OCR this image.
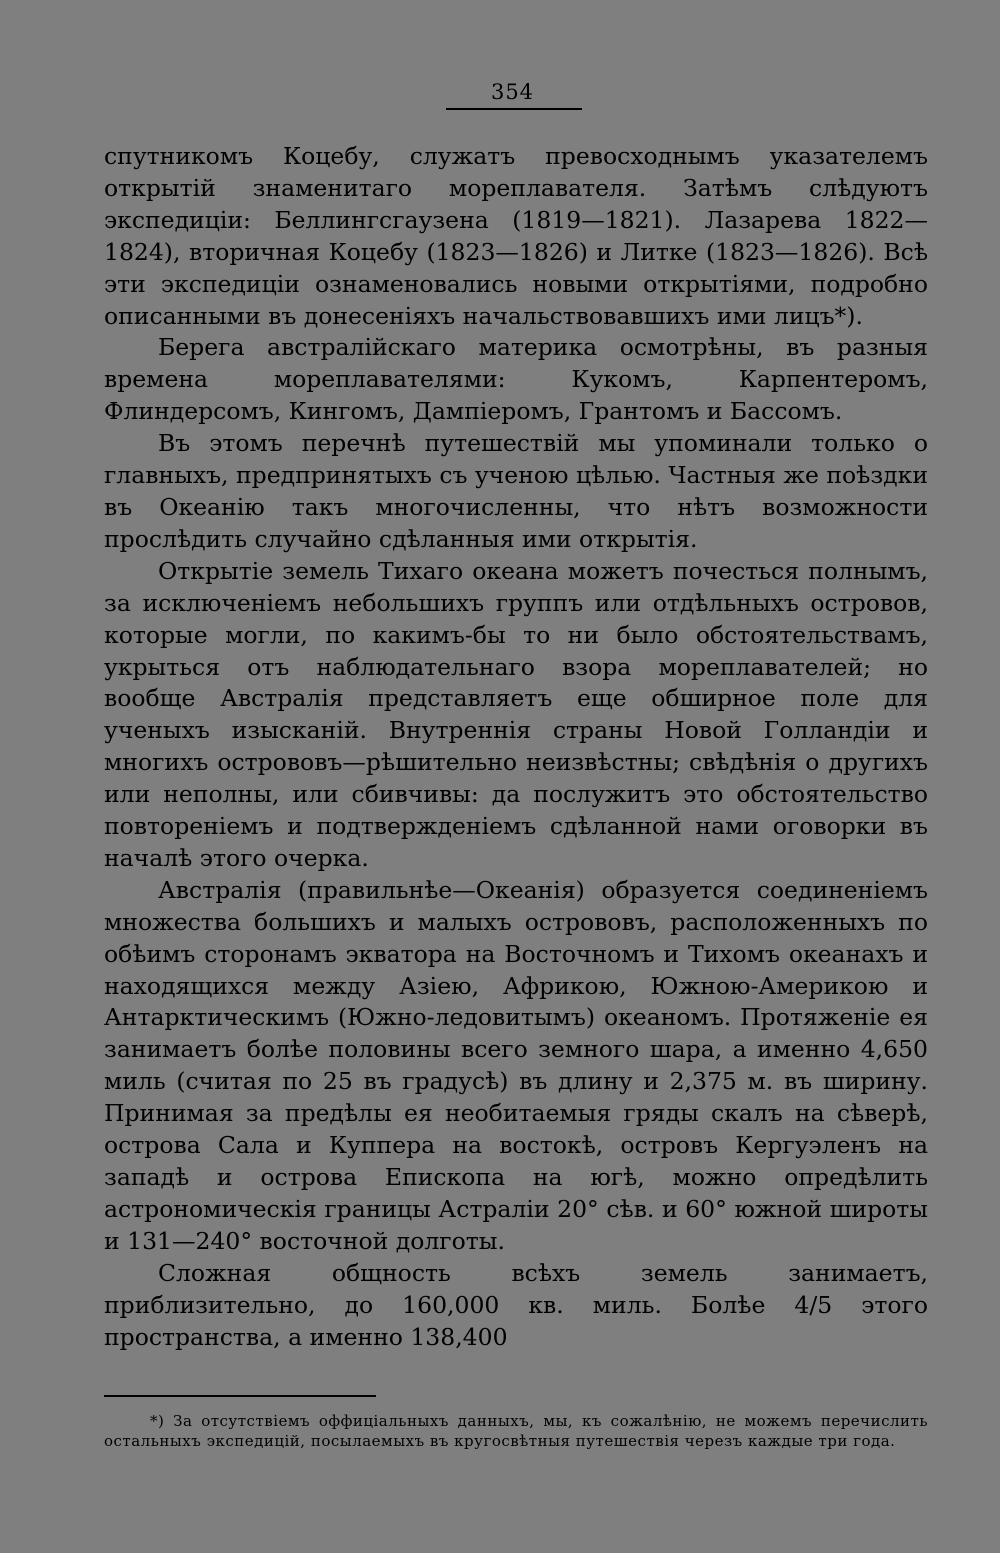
354

спутникомъ Коцебу, служатъ превосходнымъ указателемъ открытій знаменитаго мореплавателя. Затѣмъ слѣдуютъ экспедиціи: Беллингсгаузена (1819—1821). Лазарева 1822—1824), вторичная Коцебу (1823—1826) и Литке (1823—1826). Всѣ эти экспедиціи ознаменовались новыми открытіями, подробно описанными въ донесеніяхъ начальствовавшихъ ими лицъ*).

Берега австралійскаго материка осмотрѣны, въ разныя времена мореплавателями: Кукомъ, Карпентеромъ, Флиндерсомъ, Кингомъ, Дампіеромъ, Грантомъ и Бассомъ.

Въ этомъ перечнѣ путешествій мы упоминали только о главныхъ, предпринятыхъ съ ученою цѣлью. Частныя же поѣздки въ Океанію такъ многочисленны, что нѣтъ возможности прослѣдить случайно сдѣланныя ими открытія.

Открытіе земель Тихаго океана можетъ почесться полнымъ, за исключеніемъ небольшихъ группъ или отдѣльныхъ островов, которые могли, по какимъ-бы то ни было обстоятельствамъ, укрыться отъ наблюдательнаго взора мореплавателей; но вообще Австралія представляетъ еще обширное поле для ученыхъ изысканій. Внутреннія страны Новой Голландіи и многихъ острововъ—рѣшительно неизвѣстны; свѣдѣнія о другихъ или неполны, или сбивчивы: да послужитъ это обстоятельство повтореніемъ и подтвержденіемъ сдѣланной нами оговорки въ началѣ этого очерка.

Австралія (правильнѣе—Океанія) образуется соединеніемъ множества большихъ и малыхъ острововъ, расположенныхъ по обѣимъ сторонамъ экватора на Восточномъ и Тихомъ океанахъ и находящихся между Азіею, Африкою, Южною-Америкою и Антарктическимъ (Южно-ледовитымъ) океаномъ. Протяженіе ея занимаетъ болѣе половины всего земного шара, а именно 4,650 миль (считая по 25 въ градусѣ) въ длину и 2,375 м. въ ширину. Принимая за предѣлы ея необитаемыя гряды скалъ на сѣверѣ, острова Сала и Куппера на востокѣ, островъ Кергуэленъ на западѣ и острова Епископа на югѣ, можно опредѣлить астрономическія границы Астраліи 20° сѣв. и 60° южной широты и 131—240° восточной долготы.

Сложная общность всѣхъ земель занимаетъ, приблизительно, до 160,000 кв. миль. Болѣе 4/5 этого пространства, а именно 138,400

*) За отсутствіемъ оффиціальныхъ данныхъ, мы, къ сожалѣнію, не можемъ перечислить остальныхъ экспедицій, посылаемыхъ въ кругосвѣтныя путешествія черезъ каждые три года.
